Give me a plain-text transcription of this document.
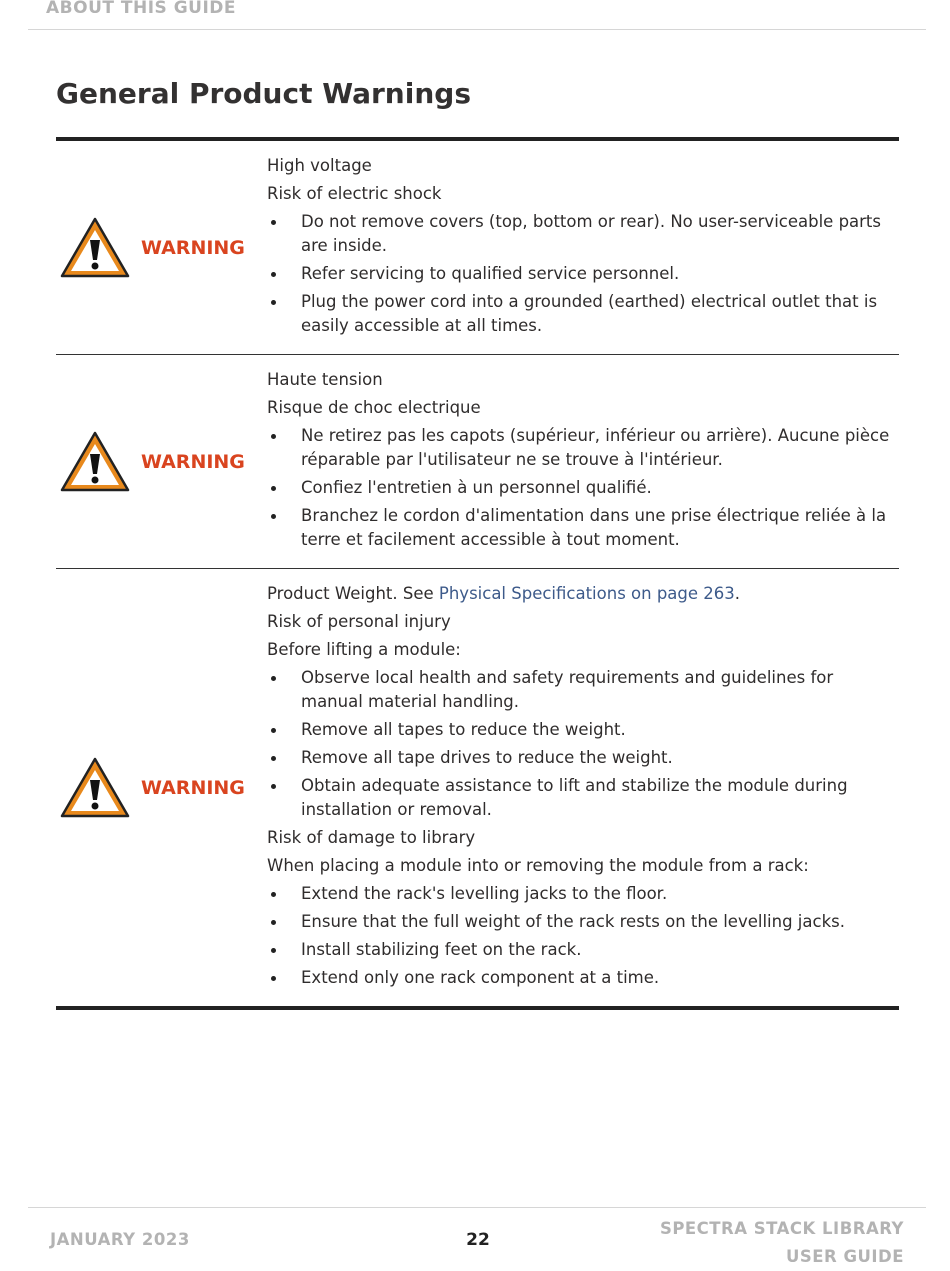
ABOUT THIS GUIDE
General Product Warnings
WARNING

High voltage

Risk of electric shock

Do not remove covers (top, bottom or rear). No user-serviceable parts are inside.
Refer servicing to qualified service personnel.
Plug the power cord into a grounded (earthed) electrical outlet that is easily accessible at all times.
WARNING

Haute tension

Risque de choc electrique

Ne retirez pas les capots (supérieur, inférieur ou arrière). Aucune pièce réparable par l'utilisateur ne se trouve à l'intérieur.
Confiez l'entretien à un personnel qualifié.
Branchez le cordon d'alimentation dans une prise électrique reliée à la terre et facilement accessible à tout moment.
WARNING

Product Weight. See Physical Specifications on page 263.

Risk of personal injury

Before lifting a module:

Observe local health and safety requirements and guidelines for manual material handling.
Remove all tapes to reduce the weight.
Remove all tape drives to reduce the weight.
Obtain adequate assistance to lift and stabilize the module during installation or removal.

Risk of damage to library

When placing a module into or removing the module from a rack:

Extend the rack's levelling jacks to the floor.
Ensure that the full weight of the rack rests on the levelling jacks.
Install stabilizing feet on the rack.
Extend only one rack component at a time.
JANUARY 2023	22
SPECTRA STACK LIBRARY
USER GUIDE
